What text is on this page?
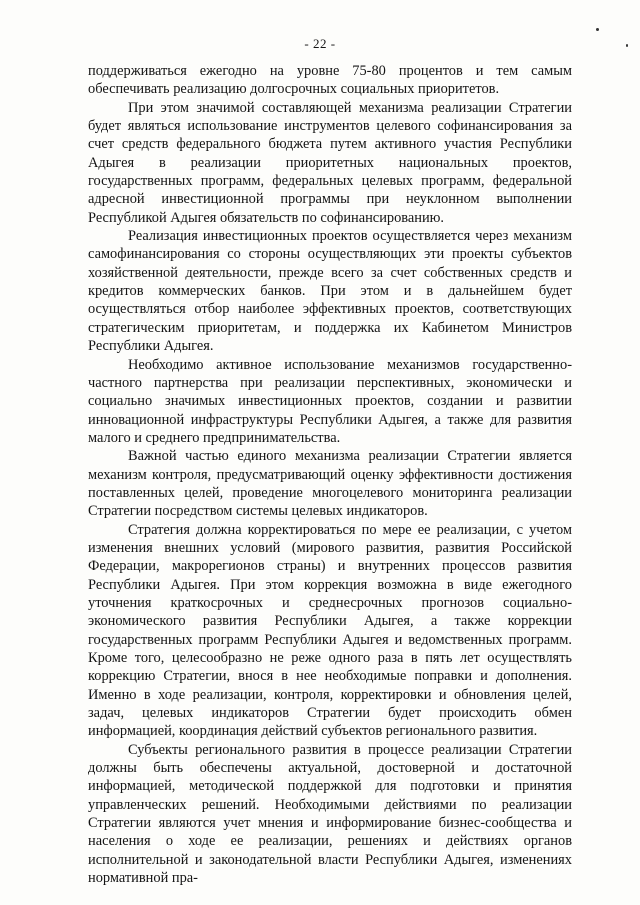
- 22 -

поддерживаться ежегодно на уровне 75-80 процентов и тем самым обеспечивать реализацию долгосрочных социальных приоритетов.

При этом значимой составляющей механизма реализации Стратегии будет являться использование инструментов целевого софинансирования за счет средств федерального бюджета путем активного участия Республики Адыгея в реализации приоритетных национальных проектов, государственных программ, федеральных целевых программ, федеральной адресной инвестиционной программы при неуклонном выполнении Республикой Адыгея обязательств по софинансированию.

Реализация инвестиционных проектов осуществляется через механизм самофинансирования со стороны осуществляющих эти проекты субъектов хозяйственной деятельности, прежде всего за счет собственных средств и кредитов коммерческих банков. При этом и в дальнейшем будет осуществляться отбор наиболее эффективных проектов, соответствующих стратегическим приоритетам, и поддержка их Кабинетом Министров Республики Адыгея.

Необходимо активное использование механизмов государственно-частного партнерства при реализации перспективных, экономически и социально значимых инвестиционных проектов, создании и развитии инновационной инфраструктуры Республики Адыгея, а также для развития малого и среднего предпринимательства.

Важной частью единого механизма реализации Стратегии является механизм контроля, предусматривающий оценку эффективности достижения поставленных целей, проведение многоцелевого мониторинга реализации Стратегии посредством системы целевых индикаторов.

Стратегия должна корректироваться по мере ее реализации, с учетом изменения внешних условий (мирового развития, развития Российской Федерации, макрорегионов страны) и внутренних процессов развития Республики Адыгея. При этом коррекция возможна в виде ежегодного уточнения краткосрочных и среднесрочных прогнозов социально-экономического развития Республики Адыгея, а также коррекции государственных программ Республики Адыгея и ведомственных программ. Кроме того, целесообразно не реже одного раза в пять лет осуществлять коррекцию Стратегии, внося в нее необходимые поправки и дополнения. Именно в ходе реализации, контроля, корректировки и обновления целей, задач, целевых индикаторов Стратегии будет происходить обмен информацией, координация действий субъектов регионального развития.

Субъекты регионального развития в процессе реализации Стратегии должны быть обеспечены актуальной, достоверной и достаточной информацией, методической поддержкой для подготовки и принятия управленческих решений. Необходимыми действиями по реализации Стратегии являются учет мнения и информирование бизнес-сообщества и населения о ходе ее реализации, решениях и действиях органов исполнительной и законодательной власти Республики Адыгея, изменениях нормативной пра-
